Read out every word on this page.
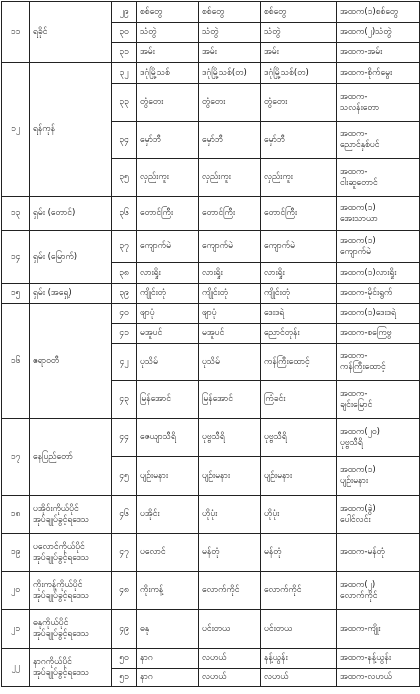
၁၁	ရခိုင်	၂၉	စစ်တွေ	စစ်တွေ	စစ်တွေ	အထက(၁)စစ်တွေ
		၃၀	သံတွဲ	သံတွဲ	သံတွဲ	အထက(၂)သံတွဲ
		၃၁	အမ်း	အမ်း	အမ်း	အထက-အမ်း
၁၂	ရန်ကုန်	၃၂	ဒဂုံမြို့သစ်	ဒဂုံမြို့သစ်(တ)	ဒဂုံမြို့သစ်(တ)	အထက-စိုက်မွေး
		၃၃	တွံတေး	တွံတေး	တွံတေး	အထက-
သလန်းတော
		၃၄	မှော်ဘီ	မှော်ဘီ	မှော်ဘီ	အထက-
ညောင်နှစ်ပင်
		၃၅	လှည်းကူး	လှည်းကူး	လှည်းကူး	အထက-
ငါးဆူတောင်
၁၃	ရှမ်း (တောင်)	၃၆	တောင်ကြီး	တောင်ကြီး	တောင်ကြီး	အထက(၁)
အေးသာယာ
၁၄	ရှမ်း (မြောက်)	၃၇	ကျောက်မဲ	ကျောက်မဲ	ကျောက်မဲ	အထက(၁)
ကျောက်မဲ
		၃၈	လားရှိုး	လားရှိုး	လားရှိုး	အထက(၁)လားရှိုး
၁၅	ရှမ်း (အရှေ့)	၃၉	ကျိုင်းတုံ	ကျိုင်းတုံ	ကျိုင်းတုံ	အထက-မိုင်းရွက်
၁၆	ဧရာဝတီ	၄၀	ဖျာပုံ	ဖျာပုံ	ဒေးဒရဲ	အထက(၁)ဒေးဒရဲ
		၄၁	မအူပင်	မအူပင်	ညောင်တုန်း	အထက-စကြေဗွ
		၄၂	ပုသိမ်	ပုသိမ်	ကန်ကြီးထောင့်	အထက-
ကန်ကြီးထောင့်
		၄၃	မြန်အောင်	မြန်အောင်	ကြံခင်း	အထက-
ချင်းမြောင်
၁၇	နေပြည်တော်	၄၄	ဇေယျာသီရိ	ပုဗ္ဗသီရိ	ပုဗ္ဗသီရိ	အထက(၂၀)
ပုဗ္ဗသီရိ
		၄၅	ပျဉ်းမနား	ပျဉ်းမနား	ပျဉ်းမနား	အထက(၁)
ပျဉ်းမနား
၁၈	ပအိုဝ်းကိုယ်ပိုင်
အုပ်ချုပ်ခွင့်ရဒေသ	၄၆	ပအိုင်း	ဟိုပုံး	ဟိုပုံး	အထက(ခွဲ)
ပေါင်လင်း
၁၉	ပလောင်ကိုယ်ပိုင်
အုပ်ချုပ်ခွင့်ရဒေသ	၄၇	ပလောင်	မန်တုံ	မန်တုံ	အထက-မန်တုံ
၂၀	ကိုးကန့်ကိုယ်ပိုင်
အုပ်ချုပ်ခွင့်ရဒေသ	၄၈	ကိုးကန့်	လောက်ကိုင်	လောက်ကိုင်	အထက(၂)
လောက်ကိုင်
၂၁	ဓနုကိုယ်ပိုင်
အုပ်ချုပ်ခွင့်ရဒေသ	၄၉	ဓနု	ပင်းတယ	ပင်းတယ	အထက-ကျိုး
၂၂	နာဂကိုယ်ပိုင်
အုပ်ချုပ်ခွင့်ရဒေသ	၅၀	နာဂ	လဟယ်	နန့်ယွန်း	အထက-နန့်ယွန်း
		၅၁	နာဂ	လဟယ်	လဟယ်	အထက-လဟယ်
